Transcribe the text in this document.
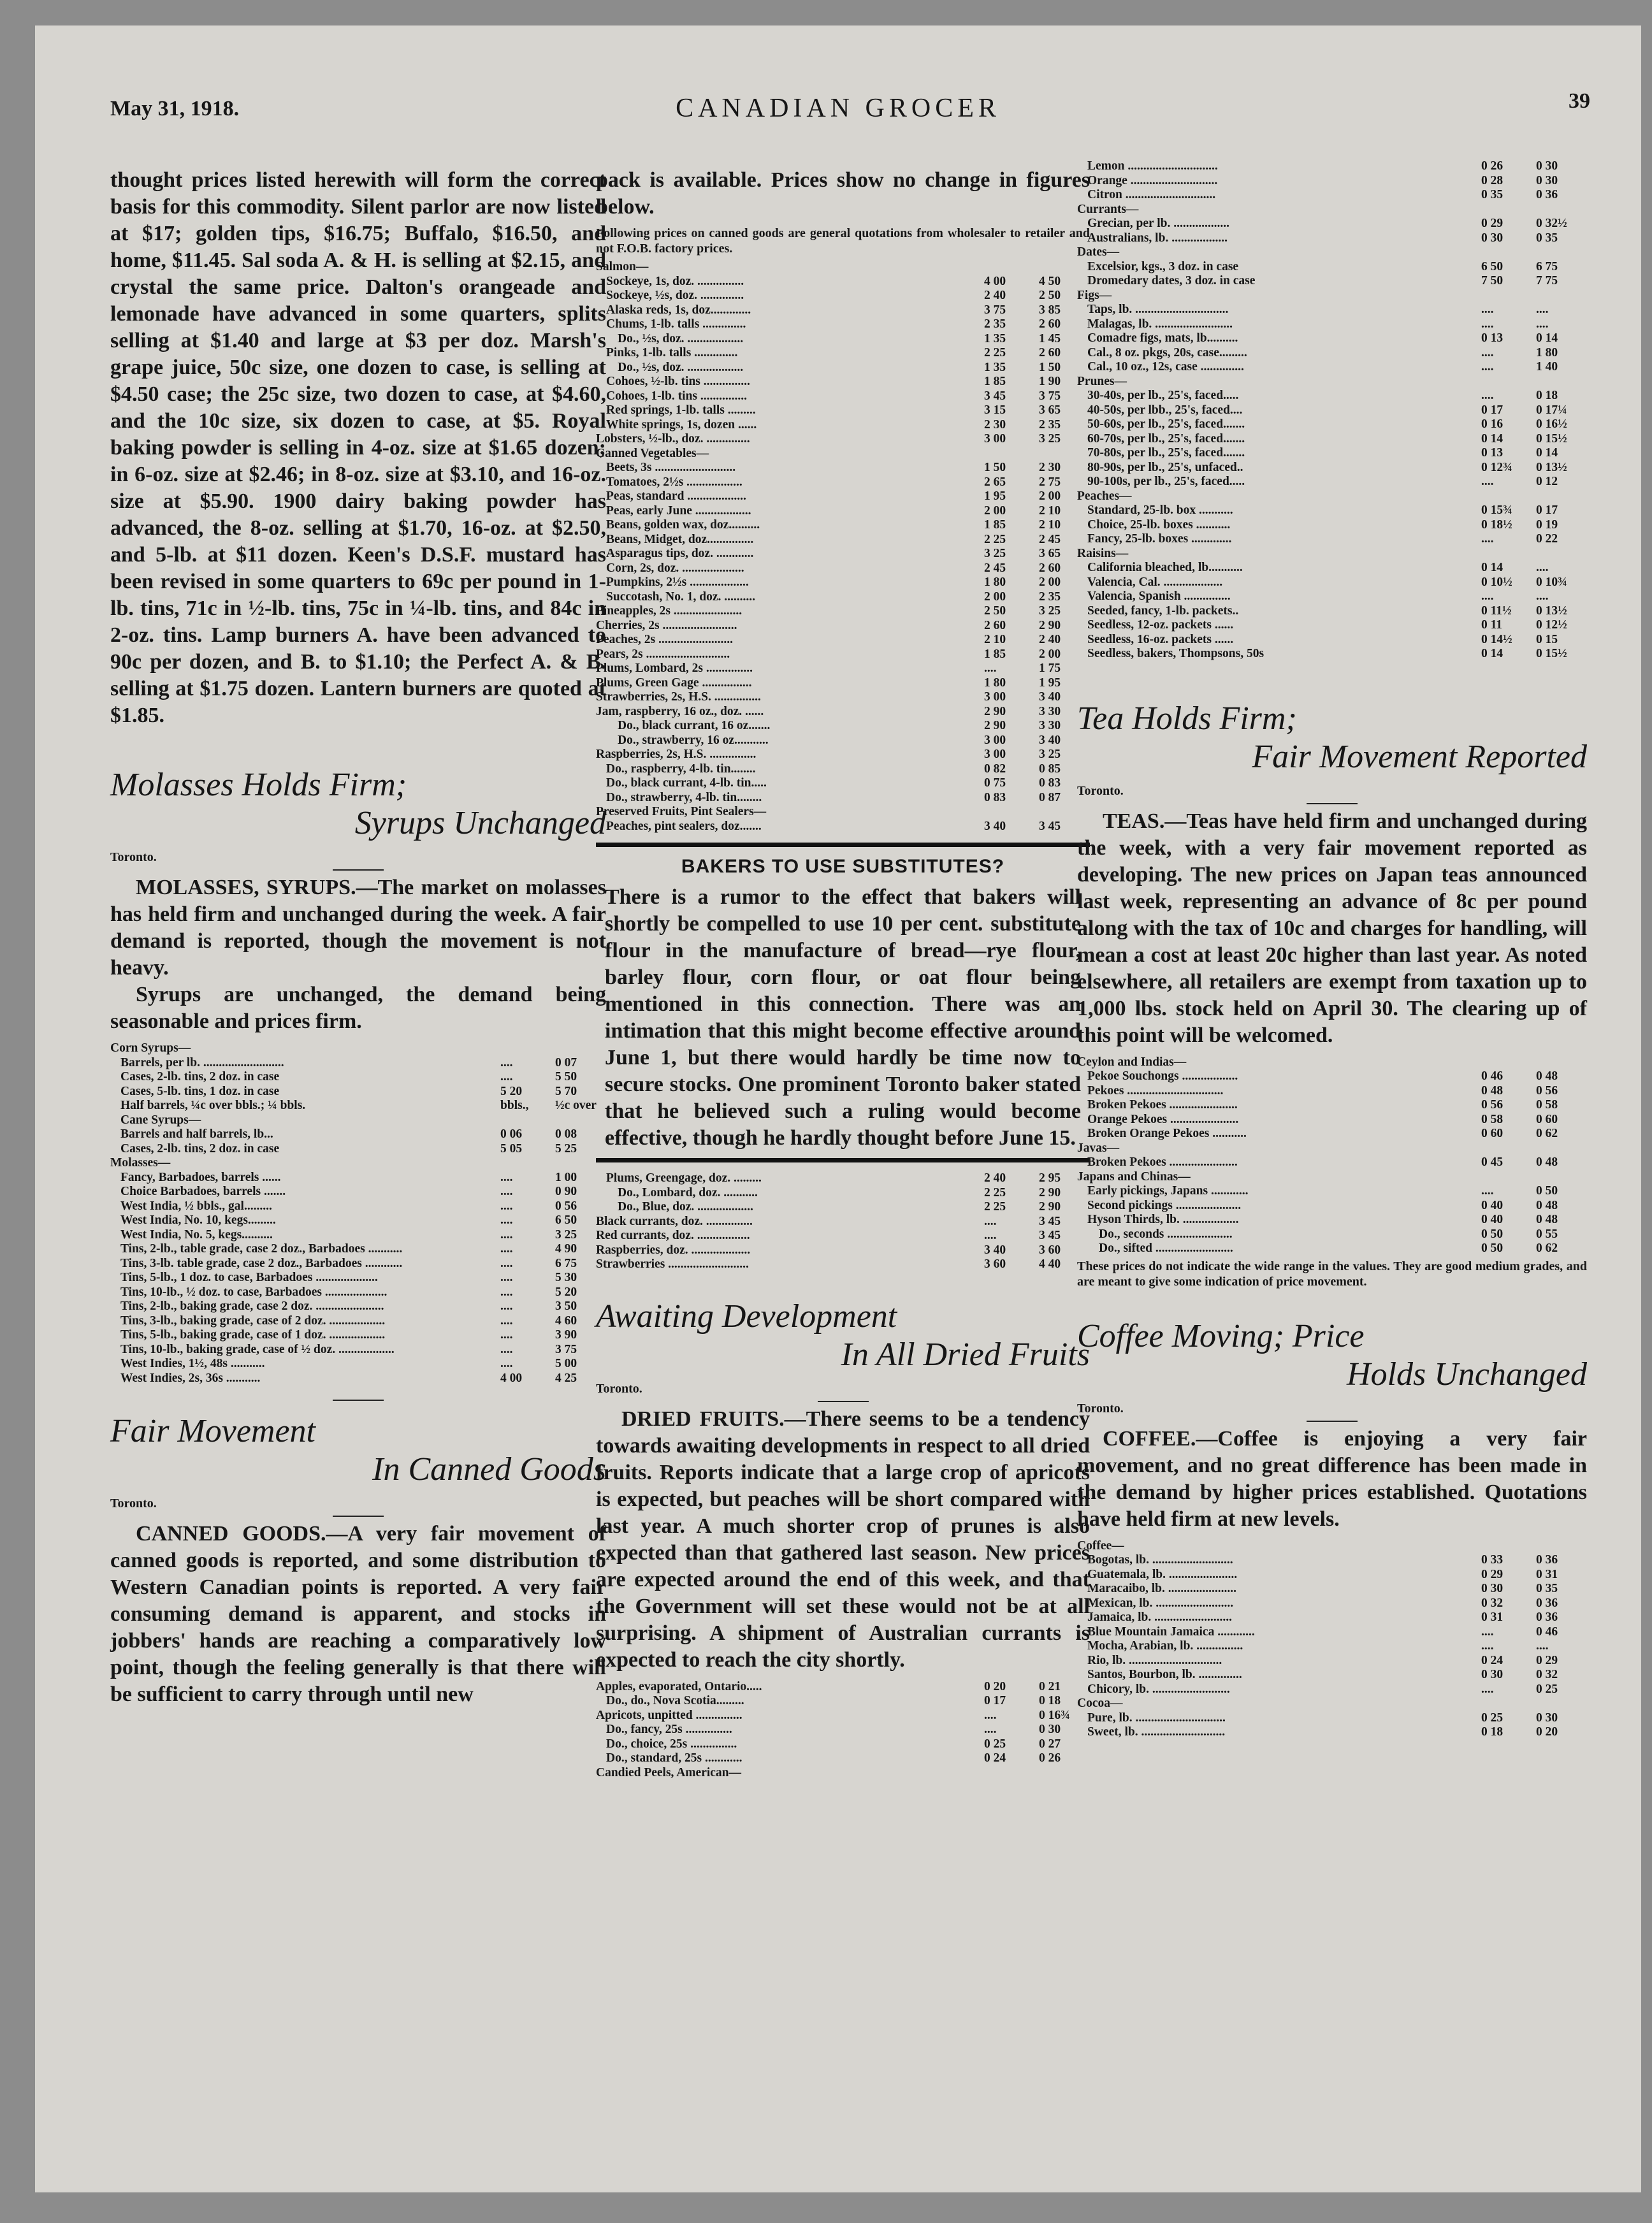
May 31, 1918.	CANADIAN GROCER	39

thought prices listed herewith will form the correct basis for this commodity. Silent parlor are now listed at $17; golden tips, $16.75; Buffalo, $16.50, and home, $11.45. Sal soda A. & H. is selling at $2.15, and crystal the same price. Dalton's orangeade and lemonade have advanced in some quarters, splits selling at $1.40 and large at $3 per doz. Marsh's grape juice, 50c size, one dozen to case, is selling at $4.50 case; the 25c size, two dozen to case, at $4.60, and the 10c size, six dozen to case, at $5. Royal baking powder is selling in 4-oz. size at $1.65 dozen; in 6-oz. size at $2.46; in 8-oz. size at $3.10, and 16-oz. size at $5.90. 1900 dairy baking powder has advanced, the 8-oz. selling at $1.70, 16-oz. at $2.50, and 5-lb. at $11 dozen. Keen's D.S.F. mustard has been revised in some quarters to 69c per pound in 1-lb. tins, 71c in ½-lb. tins, 75c in ¼-lb. tins, and 84c in 2-oz. tins. Lamp burners A. have been advanced to 90c per dozen, and B. to $1.10; the Perfect A. & B. selling at $1.75 dozen. Lantern burners are quoted at $1.85.

Molasses Holds Firm;
Syrups Unchanged
Toronto.

MOLASSES, SYRUPS.—The market on molasses has held firm and unchanged during the week. A fair demand is reported, though the movement is not heavy.

Syrups are unchanged, the demand being seasonable and prices firm.

Corn Syrups—		
Barrels, per lb. ..........................	....	0 07
Cases, 2-lb. tins, 2 doz. in case	....	5 50
Cases, 5-lb. tins, 1 doz. in case	5 20	5 70
Half barrels, ¼c over bbls.; ¼ bbls.	bbls.,	½c over
Cane Syrups—		
Barrels and half barrels, lb...	0 06	0 08
Cases, 2-lb. tins, 2 doz. in case	5 05	5 25
Molasses—		
Fancy, Barbadoes, barrels ......	....	1 00
Choice Barbadoes, barrels .......	....	0 90
West India, ½ bbls., gal.........	....	0 56
West India, No. 10, kegs.........	....	6 50
West India, No. 5, kegs..........	....	3 25
Tins, 2-lb., table grade, case 2 doz., Barbadoes ...........	....	4 90
Tins, 3-lb. table grade, case 2 doz., Barbadoes ............	....	6 75
Tins, 5-lb., 1 doz. to case, Barbadoes ....................	....	5 30
Tins, 10-lb., ½ doz. to case, Barbadoes ....................	....	5 20
Tins, 2-lb., baking grade, case 2 doz. ......................	....	3 50
Tins, 3-lb., baking grade, case of 2 doz. ..................	....	4 60
Tins, 5-lb., baking grade, case of 1 doz. ..................	....	3 90
Tins, 10-lb., baking grade, case of ½ doz. ..................	....	3 75
West Indies, 1½, 48s ...........	....	5 00
West Indies, 2s, 36s ...........	4 00	4 25
Fair Movement
In Canned Goods
Toronto.

CANNED GOODS.—A very fair movement of canned goods is reported, and some distribution to Western Canadian points is reported. A very fair consuming demand is apparent, and stocks in jobbers' hands are reaching a comparatively low point, though the feeling generally is that there will be sufficient to carry through until new

pack is available. Prices show no change in figures below.

Following prices on canned goods are general quotations from wholesaler to retailer and not F.O.B. factory prices.

Salmon—		
Sockeye, 1s, doz. ...............	4 00	4 50
Sockeye, ½s, doz. ..............	2 40	2 50
Alaska reds, 1s, doz.............	3 75	3 85
Chums, 1-lb. talls ..............	2 35	2 60
Do., ½s, doz. ..................	1 35	1 45
Pinks, 1-lb. talls ..............	2 25	2 60
Do., ½s, doz. ..................	1 35	1 50
Cohoes, ½-lb. tins ...............	1 85	1 90
Cohoes, 1-lb. tins ...............	3 45	3 75
Red springs, 1-lb. talls .........	3 15	3 65
White springs, 1s, dozen ......	2 30	2 35
Lobsters, ½-lb., doz. ..............	3 00	3 25
Canned Vegetables—		
Beets, 3s ..........................	1 50	2 30
Tomatoes, 2½s ..................	2 65	2 75
Peas, standard ...................	1 95	2 00
Peas, early June ..................	2 00	2 10
Beans, golden wax, doz..........	1 85	2 10
Beans, Midget, doz...............	2 25	2 45
Asparagus tips, doz. ............	3 25	3 65
Corn, 2s, doz. ....................	2 45	2 60
Pumpkins, 2½s ...................	1 80	2 00
Succotash, No. 1, doz. ..........	2 00	2 35
Pineapples, 2s ......................	2 50	3 25
Cherries, 2s ........................	2 60	2 90
Peaches, 2s ........................	2 10	2 40
Pears, 2s ...........................	1 85	2 00
Plums, Lombard, 2s ...............	....	1 75
Plums, Green Gage ................	1 80	1 95
Strawberries, 2s, H.S. ...............	3 00	3 40
Jam, raspberry, 16 oz., doz. ......	2 90	3 30
Do., black currant, 16 oz.......	2 90	3 30
Do., strawberry, 16 oz...........	3 00	3 40
Raspberries, 2s, H.S. ...............	3 00	3 25
Do., raspberry, 4-lb. tin........	0 82	0 85
Do., black currant, 4-lb. tin.....	0 75	0 83
Do., strawberry, 4-lb. tin........	0 83	0 87
Preserved Fruits, Pint Sealers—		
Peaches, pint sealers, doz.......	3 40	3 45
BAKERS TO USE SUBSTITUTES?

There is a rumor to the effect that bakers will shortly be compelled to use 10 per cent. substitute flour in the manufacture of bread—rye flour, barley flour, corn flour, or oat flour being mentioned in this connection. There was an intimation that this might become effective around June 1, but there would hardly be time now to secure stocks. One prominent Toronto baker stated that he believed such a ruling would become effective, though he hardly thought before June 15.

Plums, Greengage, doz. .........	2 40	2 95
Do., Lombard, doz. ...........	2 25	2 90
Do., Blue, doz. ..................	2 25	2 90
Black currants, doz. ...............	....	3 45
Red currants, doz. .................	....	3 45
Raspberries, doz. ...................	3 40	3 60
Strawberries ..........................	3 60	4 40
Awaiting Development
In All Dried Fruits
Toronto.

DRIED FRUITS.—There seems to be a tendency towards awaiting developments in respect to all dried fruits. Reports indicate that a large crop of apricots is expected, but peaches will be short compared with last year. A much shorter crop of prunes is also expected than that gathered last season. New prices are expected around the end of this week, and that the Government will set these would not be at all surprising. A shipment of Australian currants is expected to reach the city shortly.

Apples, evaporated, Ontario.....	0 20	0 21
Do., do., Nova Scotia.........	0 17	0 18
Apricots, unpitted ...............	....	0 16¾
Do., fancy, 25s ...............	....	0 30
Do., choice, 25s ...............	0 25	0 27
Do., standard, 25s ............	0 24	0 26
Candied Peels, American—		
Lemon .............................	0 26	0 30
Orange ............................	0 28	0 30
Citron .............................	0 35	0 36
Currants—		
Grecian, per lb. ..................	0 29	0 32½
Australians, lb. ..................	0 30	0 35
Dates—		
Excelsior, kgs., 3 doz. in case	6 50	6 75
Dromedary dates, 3 doz. in case	7 50	7 75
Figs—		
Taps, lb. ..............................	....	....
Malagas, lb. .........................	....	....
Comadre figs, mats, lb..........	0 13	0 14
Cal., 8 oz. pkgs, 20s, case.........	....	1 80
Cal., 10 oz., 12s, case ..............	....	1 40
Prunes—		
30-40s, per lb., 25's, faced.....	....	0 18
40-50s, per lbb., 25's, faced....	0 17	0 17¼
50-60s, per lb., 25's, faced.......	0 16	0 16½
60-70s, per lb., 25's, faced.......	0 14	0 15½
70-80s, per lb., 25's, faced.......	0 13	0 14
80-90s, per lb., 25's, unfaced..	0 12¾	0 13½
90-100s, per lb., 25's, faced.....	....	0 12
Peaches—		
Standard, 25-lb. box ...........	0 15¾	0 17
Choice, 25-lb. boxes ...........	0 18½	0 19
Fancy, 25-lb. boxes .............	....	0 22
Raisins—		
California bleached, lb...........	0 14	....
Valencia, Cal. ...................	0 10½	0 10¾
Valencia, Spanish ...............	....	....
Seeded, fancy, 1-lb. packets..	0 11½	0 13½
Seedless, 12-oz. packets ......	0 11	0 12½
Seedless, 16-oz. packets ......	0 14½	0 15
Seedless, bakers, Thompsons, 50s	0 14	0 15½
Tea Holds Firm;
Fair Movement Reported
Toronto.

TEAS.—Teas have held firm and unchanged during the week, with a very fair movement reported as developing. The new prices on Japan teas announced last week, representing an advance of 8c per pound along with the tax of 10c and charges for handling, will mean a cost at least 20c higher than last year. As noted elsewhere, all retailers are exempt from taxation up to 1,000 lbs. stock held on April 30. The clearing up of this point will be welcomed.

Ceylon and Indias—		
Pekoe Souchongs ..................	0 46	0 48
Pekoes ...............................	0 48	0 56
Broken Pekoes ......................	0 56	0 58
Orange Pekoes ......................	0 58	0 60
Broken Orange Pekoes ...........	0 60	0 62
Javas—		
Broken Pekoes ......................	0 45	0 48
Japans and Chinas—		
Early pickings, Japans ............	....	0 50
Second pickings .....................	0 40	0 48
Hyson Thirds, lb. ..................	0 40	0 48
Do., seconds .....................	0 50	0 55
Do., sifted .........................	0 50	0 62

These prices do not indicate the wide range in the values. They are good medium grades, and are meant to give some indication of price movement.

Coffee Moving; Price
Holds Unchanged
Toronto.

COFFEE.—Coffee is enjoying a very fair movement, and no great difference has been made in the demand by higher prices established. Quotations have held firm at new levels.

Coffee—		
Bogotas, lb. ..........................	0 33	0 36
Guatemala, lb. ......................	0 29	0 31
Maracaibo, lb. ......................	0 30	0 35
Mexican, lb. .........................	0 32	0 36
Jamaica, lb. .........................	0 31	0 36
Blue Mountain Jamaica ............	....	0 46
Mocha, Arabian, lb. ...............	....	....
Rio, lb. ..............................	0 24	0 29
Santos, Bourbon, lb. ..............	0 30	0 32
Chicory, lb. .........................	....	0 25
Cocoa—		
Pure, lb. .............................	0 25	0 30
Sweet, lb. ...........................	0 18	0 20
